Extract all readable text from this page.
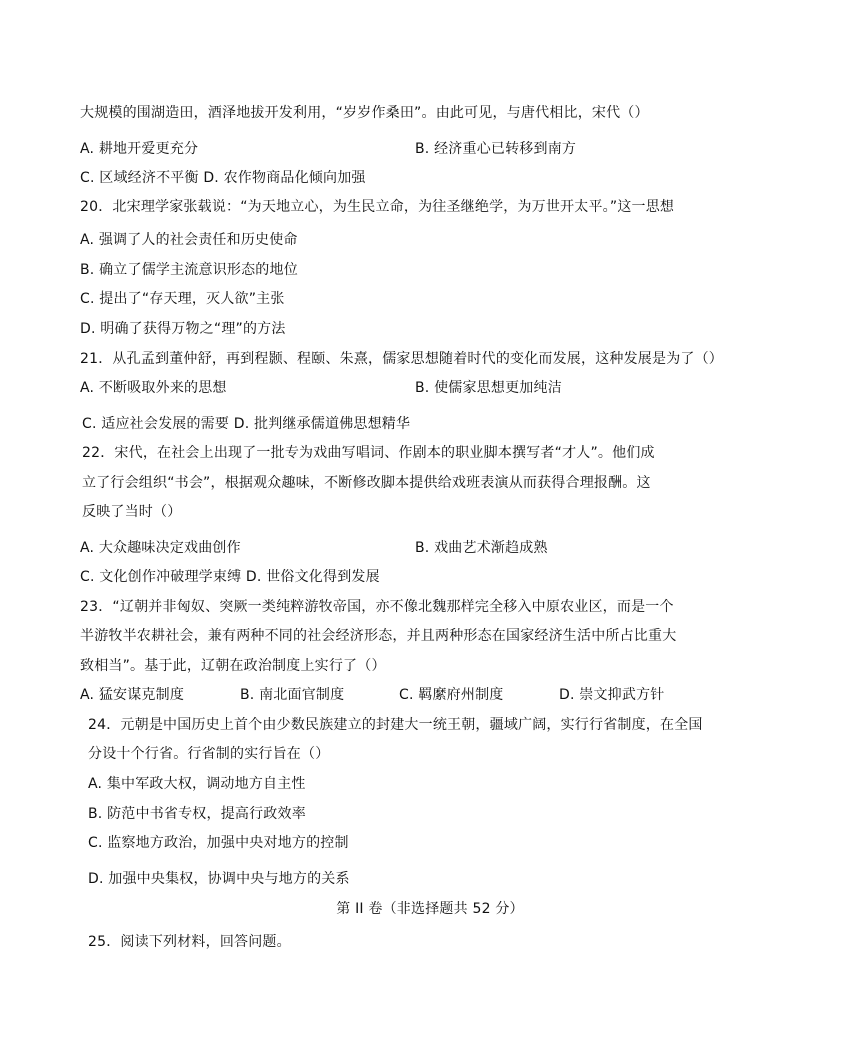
大规模的围湖造田，酒泽地拔开发利用，“岁岁作桑田”。由此可见，与唐代相比，宋代（）
A. 耕地开爱更充分	B. 经济重心已转移到南方
C. 区域经济不平衡 D. 农作物商品化倾向加强
20．北宋理学家张载说：“为天地立心，为生民立命，为往圣继绝学，为万世开太平。”这一思想
A. 强调了人的社会责任和历史使命
B. 确立了儒学主流意识形态的地位
C. 提出了“存天理，灭人欲”主张
D. 明确了获得万物之“理”的方法
21．从孔孟到董仲舒，再到程颢、程颐、朱熹，儒家思想随着时代的变化而发展，这种发展是为了（）
A. 不断吸取外来的思想	B. 使儒家思想更加纯洁
C. 适应社会发展的需要 D. 批判继承儒道佛思想精华
22．宋代，在社会上出现了一批专为戏曲写唱词、作剧本的职业脚本撰写者“才人”。他们成
立了行会组织“书会”，根据观众趣味，不断修改脚本提供给戏班表演从而获得合理报酬。这
反映了当时（）
A. 大众趣味决定戏曲创作	B. 戏曲艺术渐趋成熟
C. 文化创作冲破理学束缚 D. 世俗文化得到发展
23．“辽朝并非匈奴、突厥一类纯粹游牧帝国，亦不像北魏那样完全移入中原农业区，而是一个
半游牧半农耕社会，兼有两种不同的社会经济形态，并且两种形态在国家经济生活中所占比重大
致相当”。基于此，辽朝在政治制度上实行了（）
A. 猛安谋克制度	B. 南北面官制度	C. 羁縻府州制度	D. 崇文抑武方针
24．元朝是中国历史上首个由少数民族建立的封建大一统王朝，疆域广阔，实行行省制度，在全国
分设十个行省。行省制的实行旨在（）
A. 集中军政大权，调动地方自主性
B. 防范中书省专权，提高行政效率
C. 监察地方政治，加强中央对地方的控制
D. 加强中央集权，协调中央与地方的关系
第 II 卷（非选择题共 52 分）
25．阅读下列材料，回答问题。
